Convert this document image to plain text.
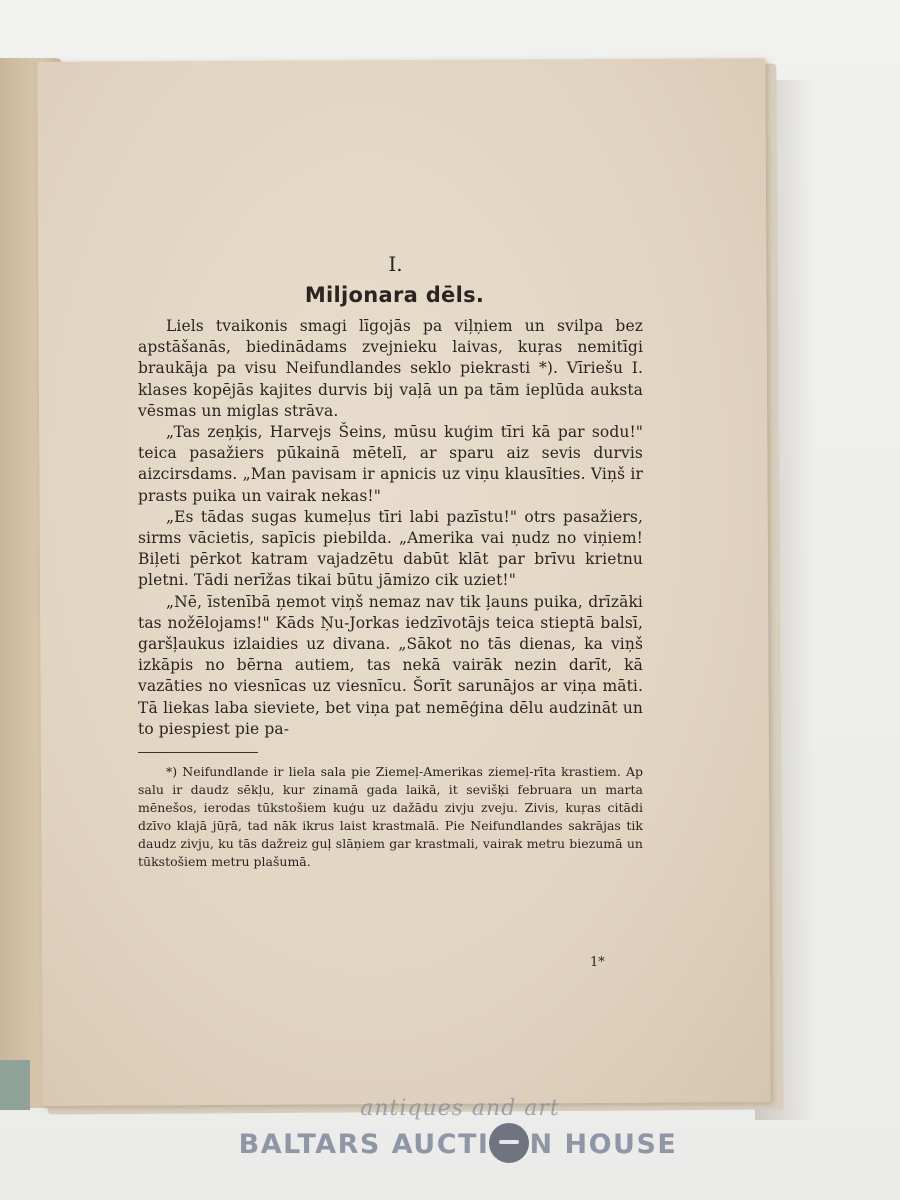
I.
Miljonara dēls.

Liels tvaikonis smagi līgojās pa viļņiem un svilpa bez apstāšanās, biedinādams zvejnieku laivas, kuŗas nemitīgi braukāja pa visu Neifundlandes seklo piekrasti *). Vīriešu I. klases kopējās kajites durvis bij vaļā un pa tām ieplūda auksta vēsmas un miglas strāva.

„Tas zeņķis, Harvejs Šeins, mūsu kuģim tīri kā par sodu!" teica pasažiers pūkainā mētelī, ar sparu aiz sevis durvis aizcirsdams. „Man pavisam ir apnicis uz viņu klausīties. Viņš ir prasts puika un vairak nekas!"

„Es tādas sugas kumeļus tīri labi pazīstu!" otrs pasažiers, sirms vācietis, sapīcis piebilda. „Amerika vai ņudz no viņiem! Biļeti pērkot katram vajadzētu dabūt klāt par brīvu krietnu pletni. Tādi nerīžas tikai būtu jāmizo cik uziet!"

„Nē, īstenībā ņemot viņš nemaz nav tik ļauns puika, drīzāki tas nožēlojams!" Kāds Ņu-Jorkas iedzīvotājs teica stieptā balsī, garšļaukus izlaidies uz divana. „Sākot no tās dienas, ka viņš izkāpis no bērna autiem, tas nekā vairāk nezin darīt, kā vazāties no viesnīcas uz viesnīcu. Šorīt sarunājos ar viņa māti. Tā liekas laba sieviete, bet viņa pat nemēģina dēlu audzināt un to piespiest pie pa-

*) Neifundlande ir liela sala pie Ziemeļ-Amerikas ziemeļ-rīta krastiem. Ap salu ir daudz sēkļu, kur zinamā gada laikā, it sevišķi februara un marta mēnešos, ierodas tūkstošiem kuģu uz dažādu zivju zveju. Zivis, kuŗas citādi dzīvo klajā jūŗā, tad nāk ikrus laist krastmalā. Pie Neifundlandes sakrājas tik daudz zivju, ku tās dažreiz guļ slāņiem gar krastmali, vairak metru biezumā un tūkstošiem metru plašumā.

1*
antiques and art
BALTARS AUCTI N HOUSE
